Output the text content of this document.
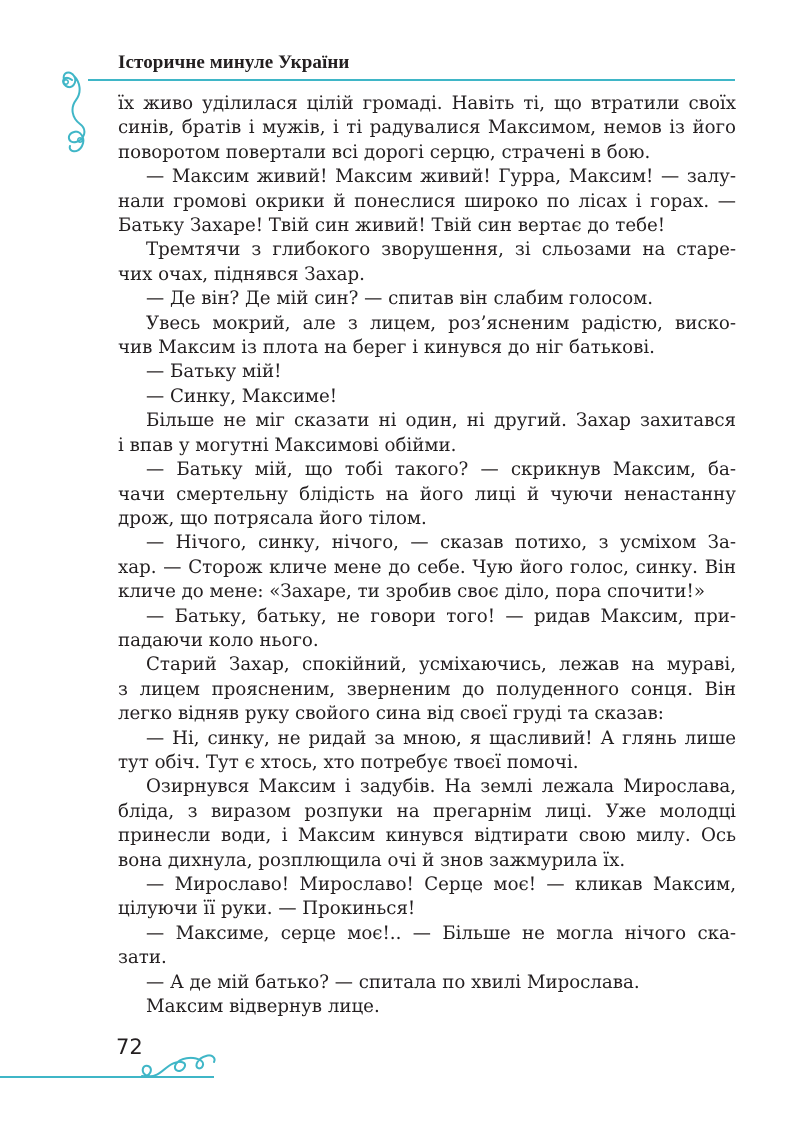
Історичне минуле України
їх живо уділилася цілій громаді. Навіть ті, що втратили своїх
синів, братів і мужів, і ті радувалися Максимом, немов із його
поворотом повертали всі дорогі серцю, страчені в бою.
— Максим живий! Максим живий! Гурра, Максим! — залу-
нали громові окрики й понеслися широко по лісах і горах. —
Батьку Захаре! Твій син живий! Твій син вертає до тебе!
Тремтячи з глибокого зворушення, зі сльозами на старе-
чих очах, піднявся Захар.
— Де він? Де мій син? — спитав він слабим голосом.
Увесь мокрий, але з лицем, роз’ясненим радістю, вискo-
чив Максим із плота на берег і кинувся до ніг батькові.
— Батьку мій!
— Синку, Максиме!
Більше не міг сказати ні один, ні другий. Захар захитався
і впав у могутні Максимові обійми.
— Батьку мій, що тобі такого? — скрикнув Максим, ба-
чачи смертельну блідість на його лиці й чуючи ненастанну
дрож, що потрясала його тілом.
— Нічого, синку, нічого, — сказав потихо, з усміхом За-
хар. — Сторож кличе мене до себе. Чую його голос, синку. Він
кличе до мене: «Захаре, ти зробив своє діло, пора спочити!»
— Батьку, батьку, не говори того! — ридав Максим, при-
падаючи коло нього.
Старий Захар, спокійний, усміхаючись, лежав на мураві,
з лицем проясненим, зверненим до полуденного сонця. Він
легко відняв руку свойого сина від своєї груді та сказав:
— Ні, синку, не ридай за мною, я щасливий! А глянь лише
тут обіч. Тут є хтось, хто потребує твоєї помочі.
Озирнувся Максим і задубів. На землі лежала Мирослава,
бліда, з виразом розпуки на прегарнім лиці. Уже молодці
принесли води, і Максим кинувся відтирати свою милу. Ось
вона дихнула, розплющила очі й знов зажмурила їх.
— Мирославо! Мирославо! Серце моє! — кликав Максим,
цілуючи її руки. — Прокинься!
— Максиме, серце моє!.. — Більше не могла нічого ска-
зати.
— А де мій батько? — спитала по хвилі Мирослава.
Максим відвернув лице.
72
